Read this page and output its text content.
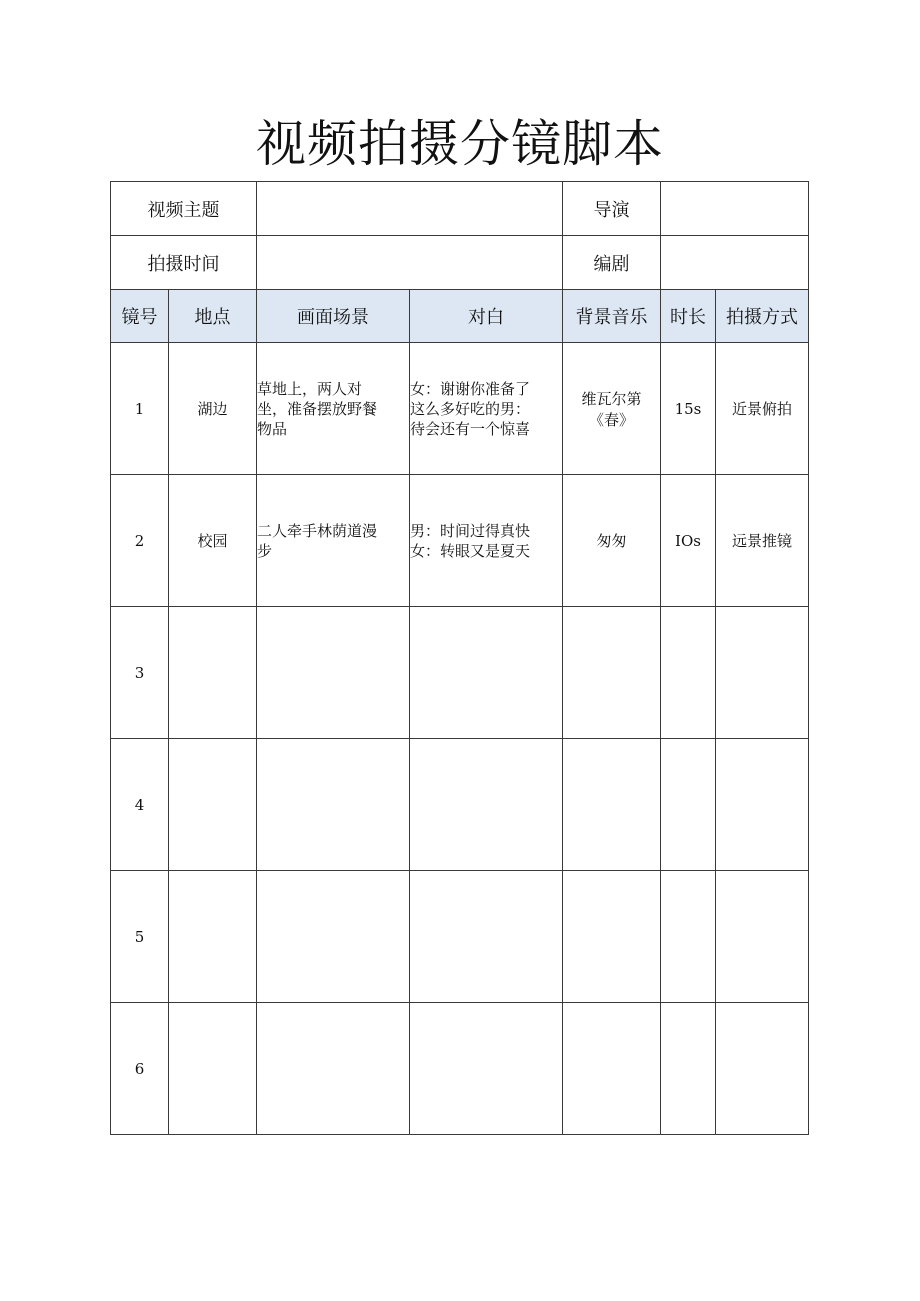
视频拍摄分镜脚本
视频主题				导演		
拍摄时间				编剧		
镜号	地点	画面场景	对白	背景音乐	时长	拍摄方式
1	湖边	草地上，两人对
坐，准备摆放野餐
物品	女：谢谢你准备了
这么多好吃的男：
待会还有一个惊喜	维瓦尔第
《春》	15s	近景俯拍
2	校园	二人牵手林荫道漫
步	男：时间过得真快
女：转眼又是夏天	匆匆	IOs	远景推镜
3		

4		

5		

6		
